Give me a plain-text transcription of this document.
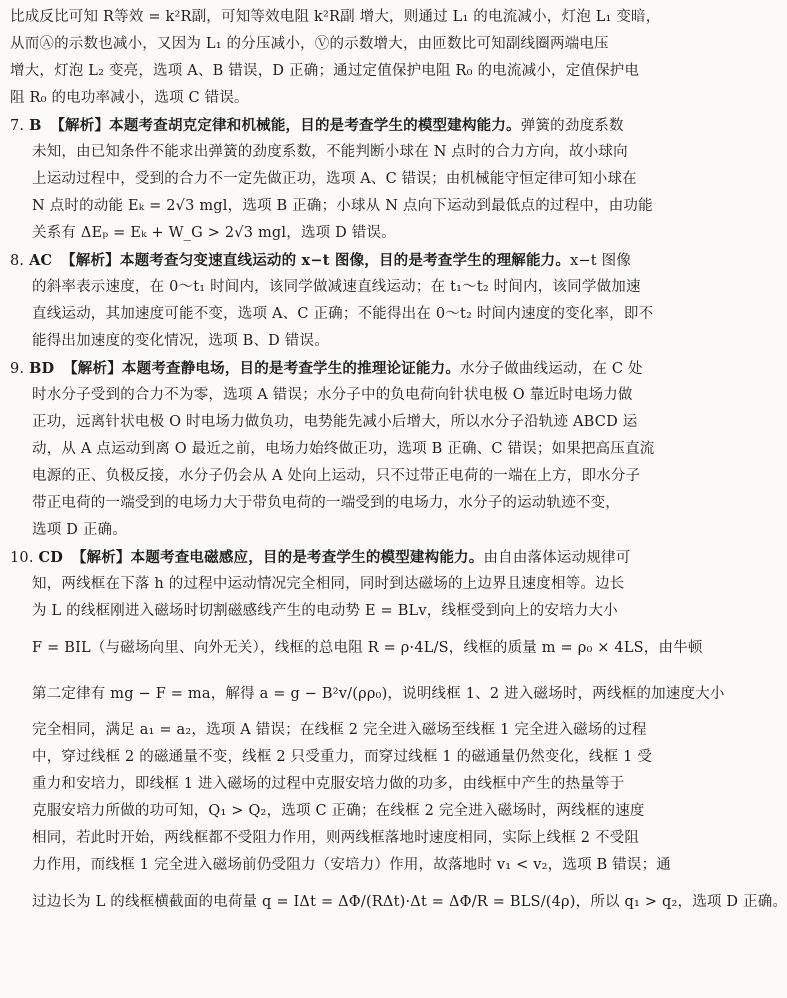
比成反比可知 R等效 = k²R副，可知等效电阻 k²R副 增大，则通过 L₁ 的电流减小，灯泡 L₁ 变暗，
从而Ⓐ的示数也减小，又因为 L₁ 的分压减小，Ⓥ的示数增大，由匝数比可知副线圈两端电压
增大，灯泡 L₂ 变亮，选项 A、B 错误，D 正确；通过定值保护电阻 R₀ 的电流减小，定值保护电
阻 R₀ 的电功率减小，选项 C 错误。
7. B 【解析】本题考查胡克定律和机械能，目的是考查学生的模型建构能力。弹簧的劲度系数
未知，由已知条件不能求出弹簧的劲度系数，不能判断小球在 N 点时的合力方向，故小球向
上运动过程中，受到的合力不一定先做正功，选项 A、C 错误；由机械能守恒定律可知小球在
N 点时的动能 Eₖ = 2√3 mgl，选项 B 正确；小球从 N 点向下运动到最低点的过程中，由功能
关系有 ΔEₚ = Eₖ + W_G > 2√3 mgl，选项 D 错误。
8. AC 【解析】本题考查匀变速直线运动的 x−t 图像，目的是考查学生的理解能力。x−t 图像
的斜率表示速度，在 0～t₁ 时间内，该同学做减速直线运动；在 t₁～t₂ 时间内，该同学做加速
直线运动，其加速度可能不变，选项 A、C 正确；不能得出在 0～t₂ 时间内速度的变化率，即不
能得出加速度的变化情况，选项 B、D 错误。
9. BD 【解析】本题考查静电场，目的是考查学生的推理论证能力。水分子做曲线运动，在 C 处
时水分子受到的合力不为零，选项 A 错误；水分子中的负电荷向针状电极 O 靠近时电场力做
正功，远离针状电极 O 时电场力做负功，电势能先减小后增大，所以水分子沿轨迹 ABCD 运
动，从 A 点运动到离 O 最近之前，电场力始终做正功，选项 B 正确、C 错误；如果把高压直流
电源的正、负极反接，水分子仍会从 A 处向上运动，只不过带正电荷的一端在上方，即水分子
带正电荷的一端受到的电场力大于带负电荷的一端受到的电场力，水分子的运动轨迹不变，
选项 D 正确。
10. CD 【解析】本题考查电磁感应，目的是考查学生的模型建构能力。由自由落体运动规律可
知，两线框在下落 h 的过程中运动情况完全相同，同时到达磁场的上边界且速度相等。边长
为 L 的线框刚进入磁场时切割磁感线产生的电动势 E = BLv，线框受到向上的安培力大小
F = BIL（与磁场向里、向外无关），线框的总电阻 R = ρ·4L/S，线框的质量 m = ρ₀ × 4LS，由牛顿
第二定律有 mg − F = ma，解得 a = g − B²v/(ρρ₀)，说明线框 1、2 进入磁场时，两线框的加速度大小
完全相同，满足 a₁ = a₂，选项 A 错误；在线框 2 完全进入磁场至线框 1 完全进入磁场的过程
中，穿过线框 2 的磁通量不变，线框 2 只受重力，而穿过线框 1 的磁通量仍然变化，线框 1 受
重力和安培力，即线框 1 进入磁场的过程中克服安培力做的功多，由线框中产生的热量等于
克服安培力所做的功可知，Q₁ > Q₂，选项 C 正确；在线框 2 完全进入磁场时，两线框的速度
相同，若此时开始，两线框都不受阻力作用，则两线框落地时速度相同，实际上线框 2 不受阻
力作用，而线框 1 完全进入磁场前仍受阻力（安培力）作用，故落地时 v₁ < v₂，选项 B 错误；通
过边长为 L 的线框横截面的电荷量 q = IΔt = ΔΦ/(RΔt)·Δt = ΔΦ/R = BLS/(4ρ)，所以 q₁ > q₂，选项 D 正确。
